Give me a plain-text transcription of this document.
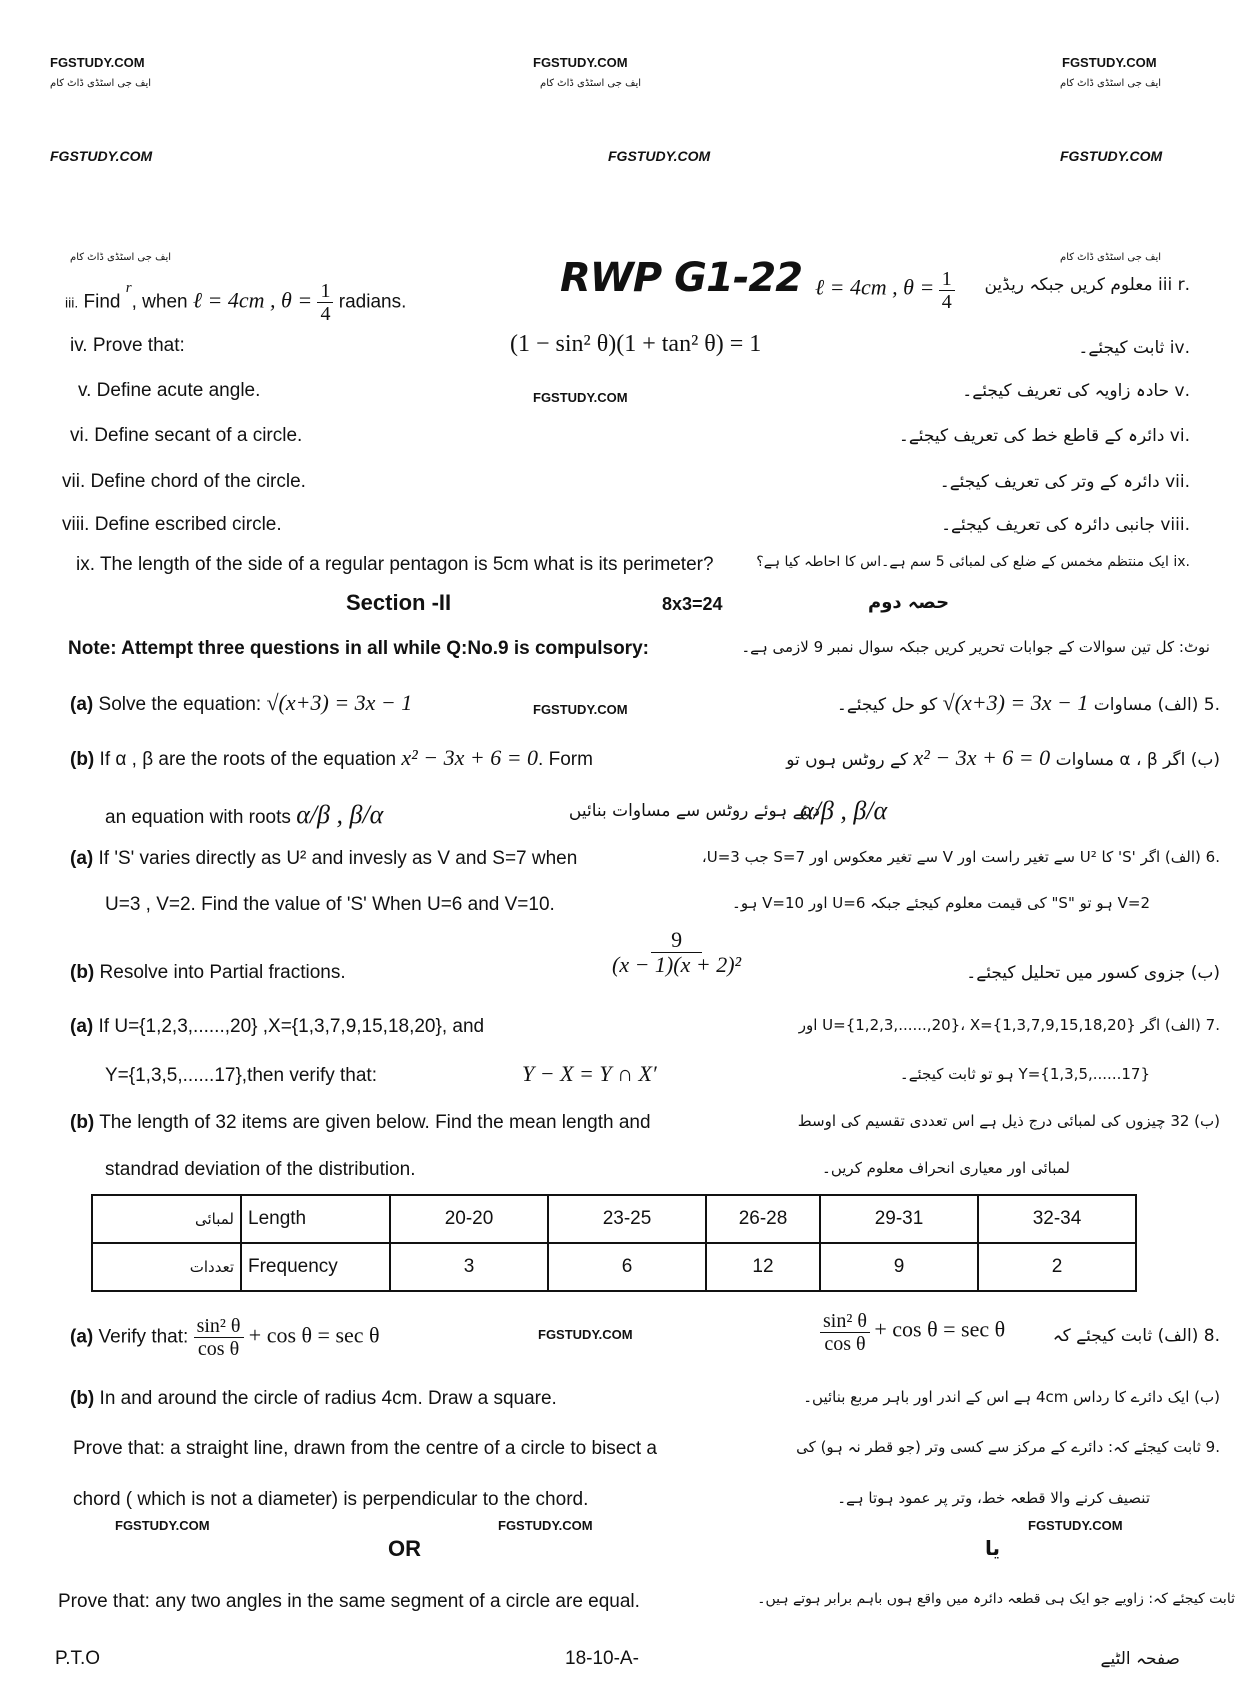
FGSTUDY.COM
ایف جی اسٹڈی ڈاٹ کام
FGSTUDY.COM
ایف جی اسٹڈی ڈاٹ کام
FGSTUDY.COM
ایف جی اسٹڈی ڈاٹ کام
FGSTUDY.COM	FGSTUDY.COM	FGSTUDY.COM
ایف جی اسٹڈی ڈاٹ کام	ایف جی اسٹڈی ڈاٹ کام
FGSTUDY.COM
FGSTUDY.COM
FGSTUDY.COM
FGSTUDY.COM	FGSTUDY.COM	FGSTUDY.COM
RWP G1-22
iii. Find $^r$, when ℓ = 4cm , $\theta = \frac{1}{4}$ radians.
ℓ = 4cm , $\theta = \frac{1}{4}$	.iii r معلوم کریں جبکہ ریڈین
iv. Prove that:	(1 − sin² θ)(1 + tan² θ) = 1	.iv ثابت کیجئے۔
v. Define acute angle.	.v حادہ زاویہ کی تعریف کیجئے۔
vi. Define secant of a circle.	.vi دائرہ کے قاطع خط کی تعریف کیجئے۔
vii. Define chord of the circle.	.vii دائرہ کے وتر کی تعریف کیجئے۔
viii. Define escribed circle.	.viii جانبی دائرہ کی تعریف کیجئے۔
ix. The length of the side of a regular pentagon is 5cm what is its perimeter?	.ix ایک منتظم مخمس کے ضلع کی لمبائی 5 سم ہے۔اس کا احاطہ کیا ہے؟
Section -II	8x3=24	حصہ دوم
Note: Attempt three questions in all while Q:No.9 is compulsory:	نوٹ: کل تین سوالات کے جوابات تحریر کریں جبکہ سوال نمبر 9 لازمی ہے۔
(a) Solve the equation: √(x+3) = 3x − 1	.5 (الف) مساوات √(x+3) = 3x − 1 کو حل کیجئے۔
(b) If α , β are the roots of the equation x² − 3x + 6 = 0. Form	(ب) اگر α ، β مساوات x² − 3x + 6 = 0 کے روٹس ہوں تو
an equation with roots α/β , β/α	دیئے ہوئے روٹس سے مساوات بنائیں
α/β , β/α
(a) If 'S' varies directly as U² and invesly as V and S=7 when	.6 (الف) اگر 'S' کا U² سے تغیر راست اور V سے تغیر معکوس اور S=7 جب U=3،
U=3 , V=2. Find the value of 'S' When U=6 and V=10.	V=2 ہو تو "S" کی قیمت معلوم کیجئے جبکہ U=6 اور V=10 ہو۔
(b) Resolve into Partial fractions.	$\frac{9}{\text{(x − 1)(x + 2)²}}$	(ب) جزوی کسور میں تحلیل کیجئے۔
(a) If U={1,2,3,......,20} ,X={1,3,7,9,15,18,20}, and	.7 (الف) اگر U={1,2,3,......,20}، X={1,3,7,9,15,18,20} اور
Y={1,3,5,......17},then verify that:	Y − X = Y ∩ X′	Y={1,3,5,......17} ہو تو ثابت کیجئے۔
(b) The length of 32 items are given below. Find the mean length and	(ب) 32 چیزوں کی لمبائی درج ذیل ہے اس تعددی تقسیم کی اوسط
standrad deviation of the distribution.	لمبائی اور معیاری انحراف معلوم کریں۔
لمبائی	Length	20-20	23-25	26-28	29-31	32-34
تعددات	Frequency	3	6	12	9	2
(a) Verify that: $\frac{\text{sin² θ}}{\text{cos θ}} + \cos \theta = \sec \theta$	$\frac{\text{sin² θ}}{\text{cos θ}} + \cos \theta = \sec \theta$	.8 (الف) ثابت کیجئے کہ
(b) In and around the circle of radius 4cm. Draw a square.	(ب) ایک دائرے کا رداس 4cm ہے اس کے اندر اور باہر مربع بنائیں۔
Prove that: a straight line, drawn from the centre of a circle to bisect a	.9 ثابت کیجئے کہ: دائرے کے مرکز سے کسی وتر (جو قطر نہ ہو) کی
chord ( which is not a diameter) is perpendicular to the chord.	تنصیف کرنے والا قطعہ خط، وتر پر عمود ہوتا ہے۔
OR	یا
Prove that: any two angles in the same segment of a circle are equal.	ثابت کیجئے کہ: زاویے جو ایک ہی قطعہ دائرہ میں واقع ہوں باہم برابر ہوتے ہیں۔
P.T.O	18-10-A-	صفحہ الٹیے
